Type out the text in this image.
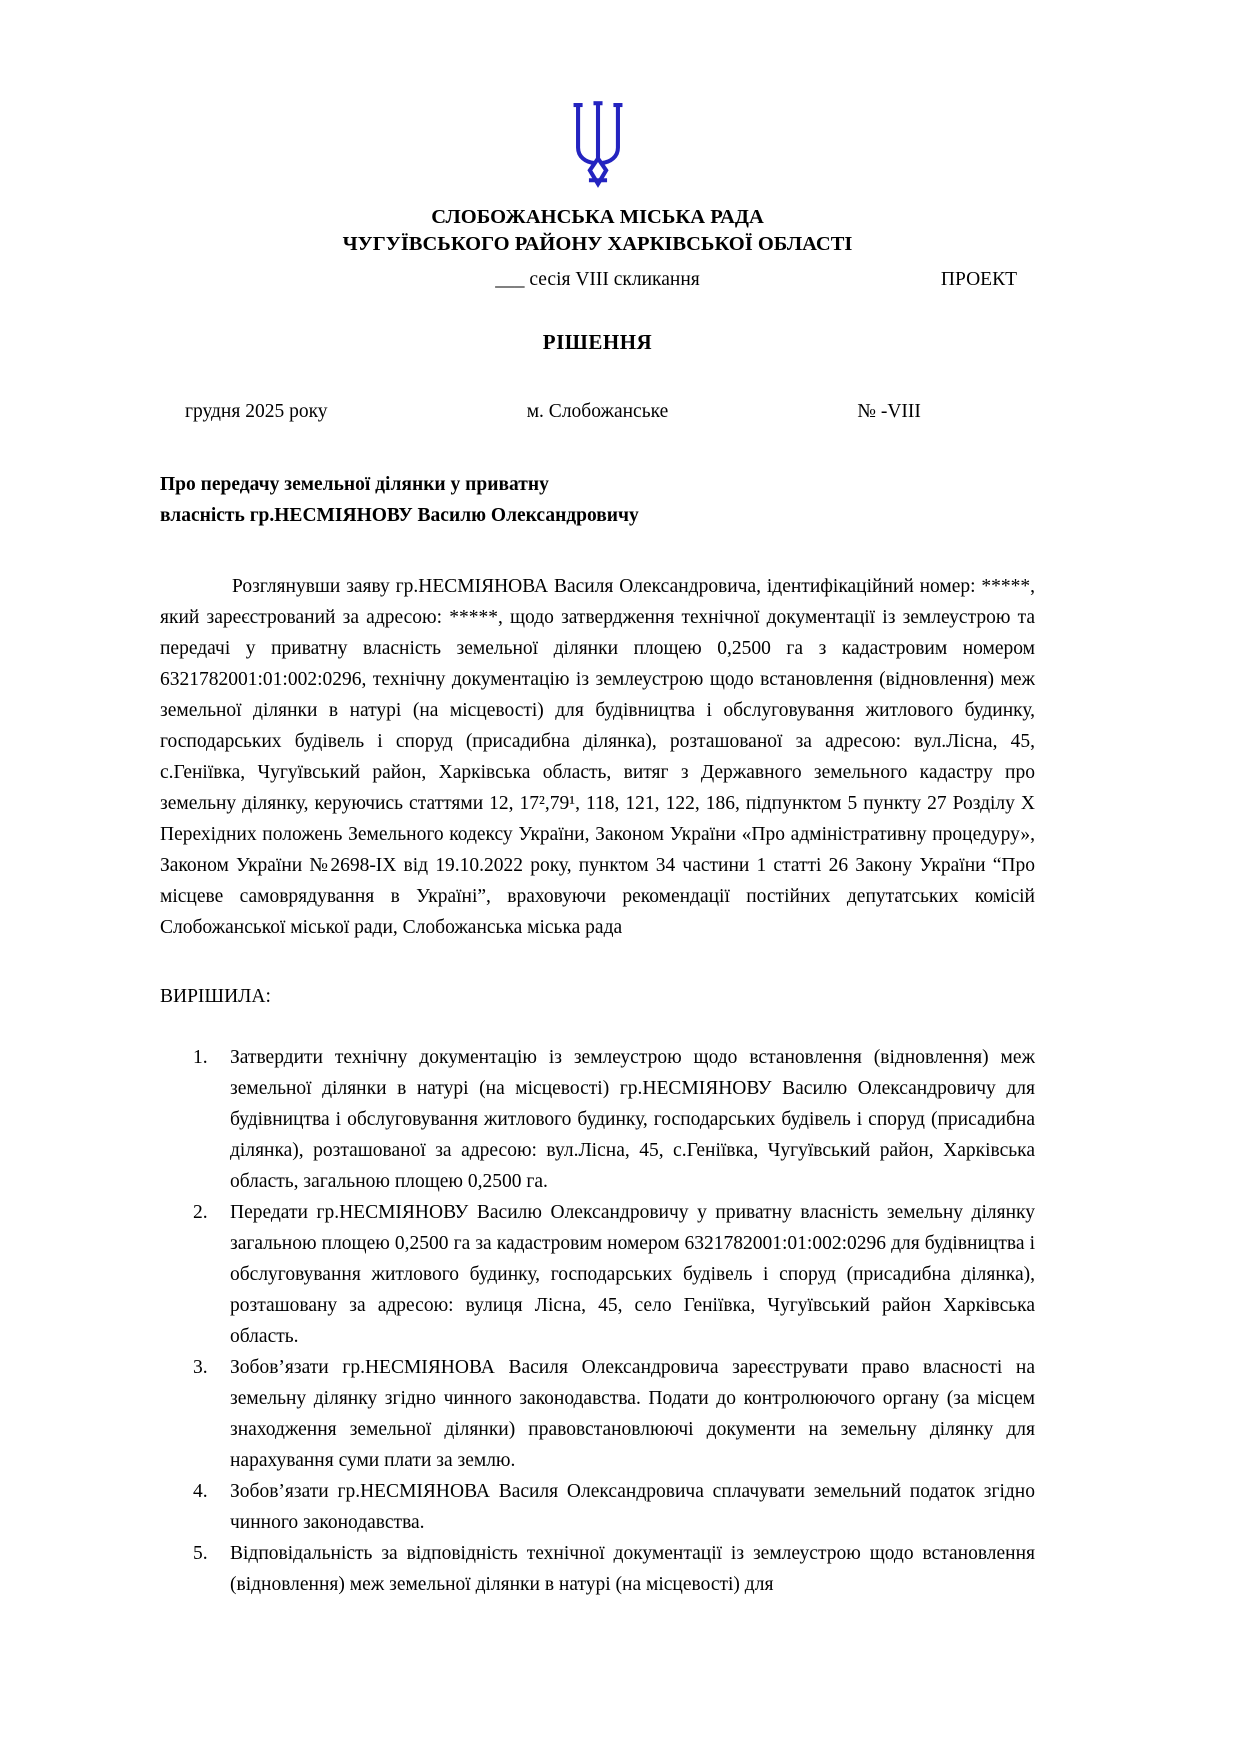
СЛОБОЖАНСЬКА МІСЬКА РАДА
ЧУГУЇВСЬКОГО РАЙОНУ ХАРКІВСЬКОЇ ОБЛАСТІ
___ сесія VIII скликання	ПРОЕКТ
РІШЕННЯ
грудня 2025 року	м. Слобожанське	№ -VIII
Про передачу земельної ділянки у приватну
власність гр.НЕСМІЯНОВУ Василю Олександровичу
Розглянувши заяву гр.НЕСМІЯНОВА Василя Олександровича, ідентифікаційний номер: *****, який зареєстрований за адресою: *****, щодо затвердження технічної документації із землеустрою та передачі у приватну власність земельної ділянки площею 0,2500 га з кадастровим номером 6321782001:01:002:0296, технічну документацію із землеустрою щодо встановлення (відновлення) меж земельної ділянки в натурі (на місцевості) для будівництва і обслуговування житлового будинку, господарських будівель і споруд (присадибна ділянка), розташованої за адресою: вул.Лісна, 45, с.Геніївка, Чугуївський район, Харківська область, витяг з Державного земельного кадастру про земельну ділянку, керуючись статтями 12, 17²,79¹, 118, 121, 122, 186, підпунктом 5 пункту 27 Розділу X Перехідних положень Земельного кодексу України, Законом України «Про адміністративну процедуру», Законом України №2698-IX від 19.10.2022 року, пунктом 34 частини 1 статті 26 Закону України “Про місцеве самоврядування в Україні”, враховуючи рекомендації постійних депутатських комісій Слобожанської міської ради, Слобожанська міська рада
ВИРІШИЛА:
1.	Затвердити технічну документацію із землеустрою щодо встановлення (відновлення) меж земельної ділянки в натурі (на місцевості) гр.НЕСМІЯНОВУ Василю Олександровичу для будівництва і обслуговування житлового будинку, господарських будівель і споруд (присадибна ділянка), розташованої за адресою: вул.Лісна, 45, с.Геніївка, Чугуївський район, Харківська область, загальною площею 0,2500 га.
2.	Передати гр.НЕСМІЯНОВУ Василю Олександровичу у приватну власність земельну ділянку загальною площею 0,2500 га за кадастровим номером 6321782001:01:002:0296 для будівництва і обслуговування житлового будинку, господарських будівель і споруд (присадибна ділянка), розташовану за адресою: вулиця Лісна, 45, село Геніївка, Чугуївський район Харківська область.
3.	Зобов’язати гр.НЕСМІЯНОВА Василя Олександровича зареєструвати право власності на земельну ділянку згідно чинного законодавства. Подати до контролюючого органу (за місцем знаходження земельної ділянки) правовстановлюючі документи на земельну ділянку для нарахування суми плати за землю.
4.	Зобов’язати гр.НЕСМІЯНОВА Василя Олександровича сплачувати земельний податок згідно чинного законодавства.
5.	Відповідальність за відповідність технічної документації із землеустрою щодо встановлення (відновлення) меж земельної ділянки в натурі (на місцевості) для
